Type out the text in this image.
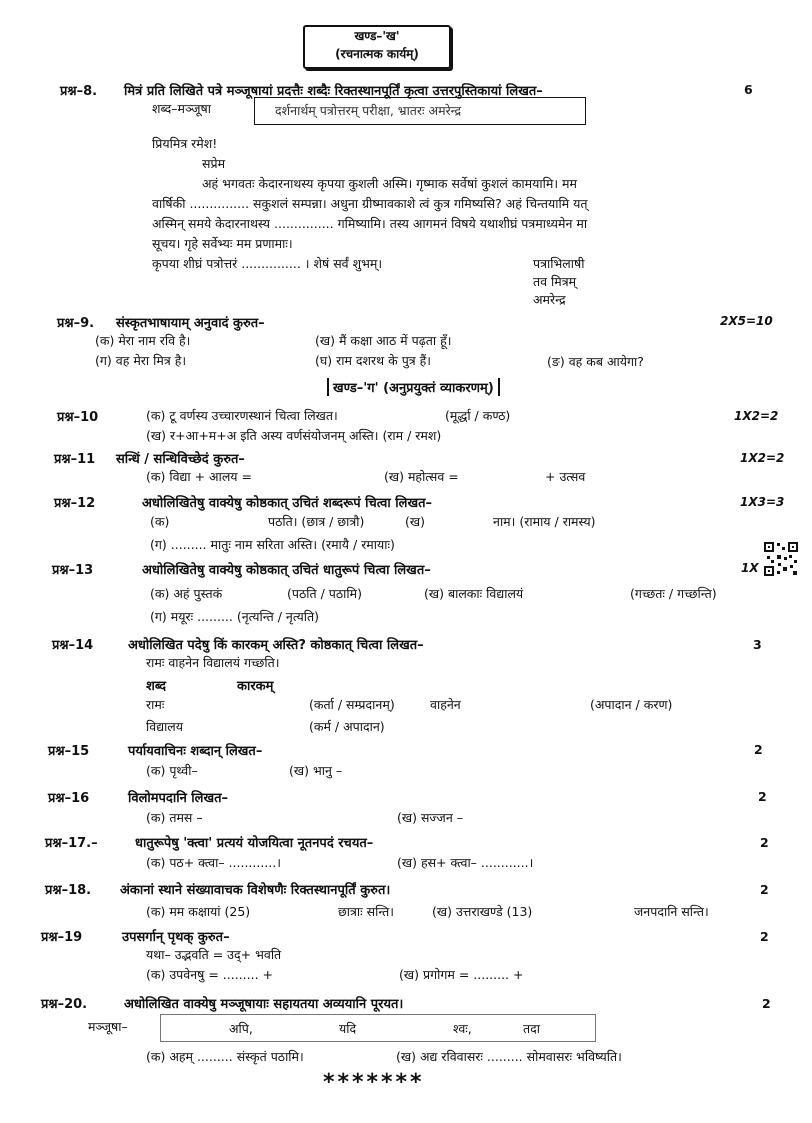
खण्ड–'ख'
(रचनात्मक कार्यम्)
प्रश्न–8. मित्रं प्रति लिखिते पत्रे मञ्जूषायां प्रदत्तैः शब्दैः रिक्तस्थानपूर्तिं कृत्वा उत्तरपुस्तिकायां लिखत–	6
शब्द–मञ्जूषा	दर्शनार्थम् पत्रोत्तरम् परीक्षा, भ्रातरः अमरेन्द्र
प्रियमित्र रमेश!
सप्रेम
अहं भगवतः केदारनाथस्य कृपया कुशली अस्मि। गृष्माक सर्वेषां कुशलं कामयामि। मम
वार्षिकी ............... सकुशलं सम्पन्ना। अधुना ग्रीष्मावकाशे त्वं कुत्र गमिष्यसि? अहं चिन्तयामि यत्
अस्मिन् समये केदारनाथस्य ............... गमिष्यामि। तस्य आगमनं विषये यथाशीघ्रं पत्रमाध्यमेन मा
सूचय। गृहे सर्वेभ्यः मम प्रणामाः।
कृपया शीघ्रं पत्रोत्तरं ............... । शेषं सर्वं शुभम्।	पत्राभिलाषी
तव मित्रम्
अमरेन्द्र
प्रश्न–9. संस्कृतभाषायाम् अनुवादं कुरुत–	2X5=10
(क) मेरा नाम रवि है।	(ख) मैं कक्षा आठ में पढ़ता हूँ।
(ग) वह मेरा मित्र है।	(घ) राम दशरथ के पुत्र हैं।	(ङ) वह कब आयेगा?
खण्ड–'ग' (अनुप्रयुक्तं व्याकरणम्)
प्रश्न–10	(क) टू वर्णस्य उच्चारणस्थानं चित्वा लिखत।	(मूर्द्धा / कण्ठ)	1X2=2
(ख) र+आ+म+अ इति अस्य वर्णसंयोजनम् अस्ति। (राम / रमश)
प्रश्न–11 सन्धिं / सन्धिविच्छेदं कुरुत–	1X2=2
(क) विद्या + आलय =	(ख) महोत्सव =	+ उत्सव
प्रश्न–12	अधोलिखितेषु वाक्येषु कोष्ठकात् उचितं शब्दरूपं चित्वा लिखत–	1X3=3
(क)	पठति। (छात्र / छात्रौ)	(ख)	नाम। (रामाय / रामस्य)
(ग) ......... मातुः नाम सरिता अस्ति। (रमायै / रमायाः)
प्रश्न–13	अधोलिखितेषु वाक्येषु कोष्ठकात् उचितं धातुरूपं चित्वा लिखत–	1X
(क) अहं पुस्तकं	(पठति / पठामि)	(ख) बालकाः विद्यालयं	(गच्छतः / गच्छन्ति)
(ग) मयूरः ......... (नृत्यन्ति / नृत्यति)
प्रश्न–14	अधोलिखित पदेषु किं कारकम् अस्ति? कोष्ठकात् चित्वा लिखत–	3
रामः वाहनेन विद्यालयं गच्छति।
शब्द	कारकम्
रामः	(कर्ता / सम्प्रदानम्)	वाहनेन	(अपादान / करण)
विद्यालय	(कर्म / अपादान)
प्रश्न–15	पर्यायवाचिनः शब्दान् लिखत–	2
(क) पृथ्वी–	(ख) भानु –
प्रश्न–16	विलोमपदानि लिखत–	2
(क) तमस –	(ख) सज्जन –
प्रश्न–17.–	धातुरूपेषु 'क्त्वा' प्रत्ययं योजयित्वा नूतनपदं रचयत–	2
(क) पठ+ क्त्वा– ............।	(ख) हस+ क्त्वा– ............।
प्रश्न–18. अंकानां स्थाने संख्यावाचक विशेषणैः रिक्तस्थानपूर्तिं कुरुत।	2
(क) मम कक्षायां (25)	छात्राः सन्ति।	(ख) उत्तराखण्डे (13)	जनपदानि सन्ति।
प्रश्न–19	उपसर्गान् पृथक् कुरुत–	2
यथा– उद्भवति = उद्+ भवति
(क) उपवेनषु = ......... +	(ख) प्रगोगम = ......... +
प्रश्न–20.	अधोलिखित वाक्येषु मञ्जूषायाः सहायतया अव्ययानि पूरयत।	2
मञ्जूषा–	अपि,	यदि	श्वः,	तदा
(क) अहम् ......... संस्कृतं पठामि।	(ख) अद्य रविवासरः ......... सोमवासरः भविष्यति।
*******
